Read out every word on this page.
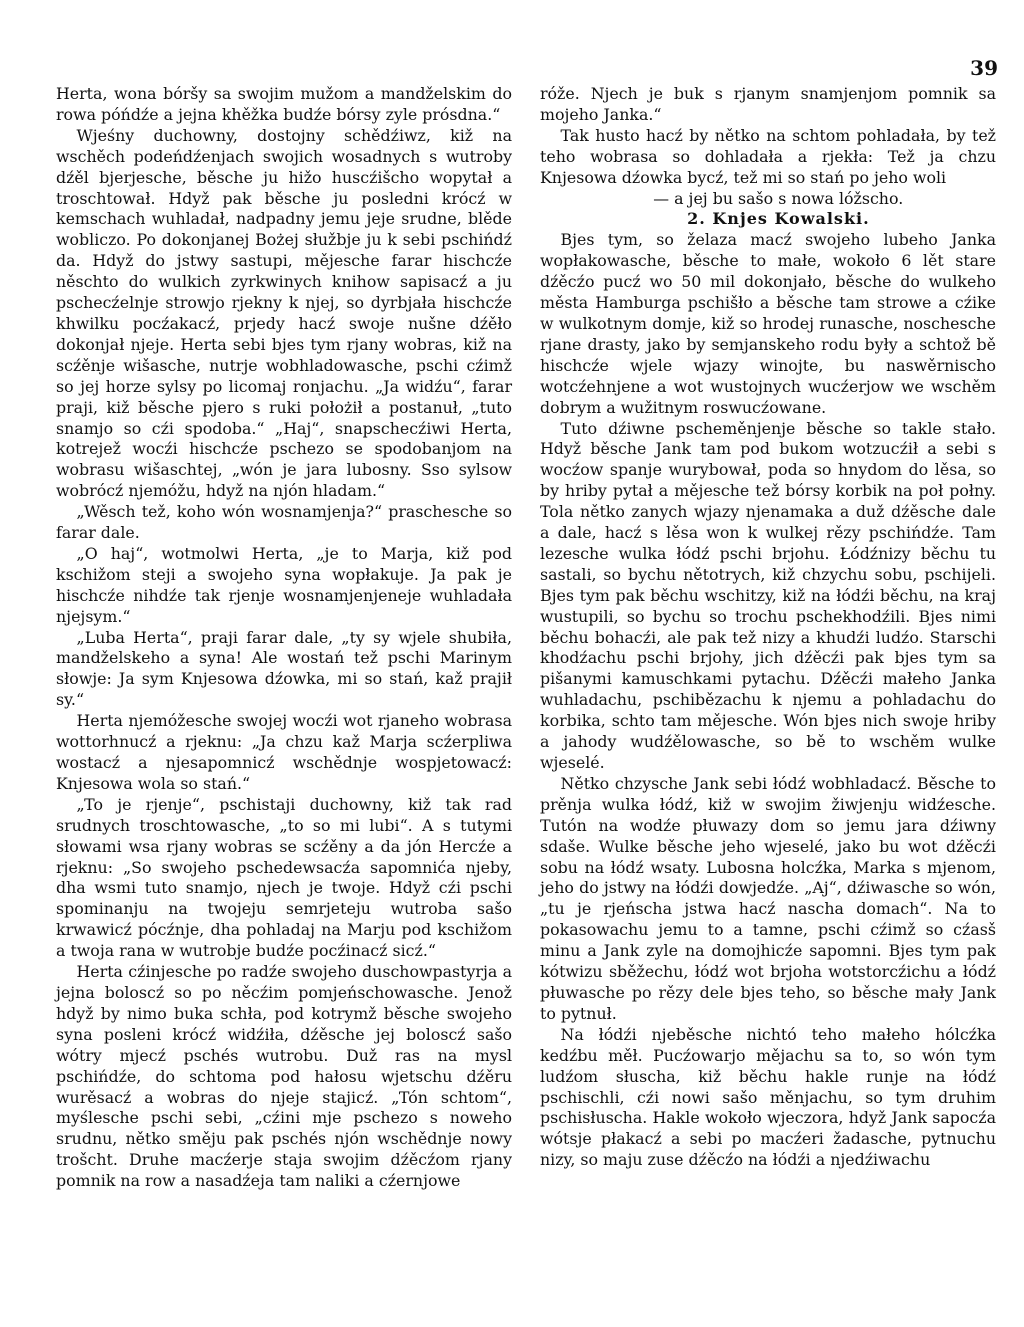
39

Herta, wona bóršy sa swojim mužom a mandželskim do rowa póńdźe a jejna khěžka budźe bórsy zyle prósdna.“

Wjeśny duchowny, dostojny schědźiwz, kiž na wschěch podeńdźenjach swojich wosadnych s wutroby dźěl bjerjesche, běsche ju hižo huscźišcho wopytał a troschtował. Hdyž pak běsche ju posledni krócź w kemschach wuhladał, nadpadny jemu jeje srudne, blěde wobliczo. Po dokonjanej Bożej słužbje ju k sebi pschińdź da. Hdyž do jstwy sastupi, mějesche farar hischcźe něschto do wulkich zyrkwinych knihow sapisacź a ju pschecźelnje strowjo rjekny k njej, so dyrbjała hischcźe khwilku pocźakacź, prjedy hacź swoje nušne dźěło dokonjał njeje. Herta sebi bjes tym rjany wobras, kiž na scźěnje wišasche, nutrje wobhladowasche, pschi cźimž so jej horze sylsy po licomaj ronjachu. „Ja widźu“, farar praji, kiž běsche pjero s ruki położił a postanuł, „tuto snamjo so cźi spodoba.“ „Haj“, snapschecźiwi Herta, kotrejež wocźi hischcźe pschezo se spodobanjom na wobrasu wišaschtej, „wón je jara lubosny. Sso sylsow wobrócź njemóžu, hdyž na njón hladam.“

„Wěsch tež, koho wón wosnamjenja?“ praschesche so farar dale.

„O haj“, wotmolwi Herta, „je to Marja, kiž pod kschižom steji a swojeho syna wopłakuje. Ja pak je hischcźe nihdźe tak rjenje wosnamjenjeneje wuhladała njejsym.“

„Luba Herta“, praji farar dale, „ty sy wjele shubiła, mandželskeho a syna! Ale wostań tež pschi Marinym słowje: Ja sym Knjesowa dźowka, mi so stań, kaž prajił sy.“

Herta njemóžesche swojej wocźi wot rjaneho wobrasa wottorhnucź a rjeknu: „Ja chzu kaž Marja scźerpliwa wostacź a njesapomnicź wschědnje wospjetowacź: Knjesowa wola so stań.“

„To je rjenje“, pschistaji duchowny, kiž tak rad srudnych troschtowasche, „to so mi lubi“. A s tutymi słowami wsa rjany wobras se scźěny a da jón Hercźe a rjeknu: „So swojeho pschedewsacźa sapomnića njeby, dha wsmi tuto snamjo, njech je twoje. Hdyž cźi pschi spominanju na twojeju semrjeteju wutroba sašo krwawicź pócźnje, dha pohladaj na Marju pod kschižom a twoja rana w wutrobje budźe pocźinacź sicź.“

Herta cźinjesche po radźe swojeho duschowpastyrja a jejna boloscź so po něcźim pomjeńschowasche. Jenož hdyž by nimo buka schła, pod kotrymž běsche swojeho syna posleni krócź widźiła, dźěsche jej boloscź sašo wótry mjecź pschés wutrobu. Duž ras na mysl pschińdźe, do schtoma pod hałosu wjetschu dźěru wurěsacź a wobras do njeje stajicź. „Tón schtom“, myślesche pschi sebi, „cźini mje pschezo s noweho srudnu, nětko směju pak pschés njón wschědnje nowy trošcht. Druhe macźerje staja swojim dźěcźom rjany pomnik na row a nasadźeja tam naliki a cźernjowe

róže. Njech je buk s rjanym snamjenjom pomnik sa mojeho Janka.“

Tak husto hacź by nětko na schtom pohladała, by tež teho wobrasa so dohladała a rjekła: Tež ja chzu Knjesowa dźowka bycź, tež mi so stań po jeho woli

— a jej bu sašo s nowa lóžscho.

2. Knjes Kowalski.

Bjes tym, so želaza macź swojeho lubeho Janka wopłakowasche, běsche to małe, wokoło 6 lět stare dźěcźo pucź wo 50 mil dokonjało, běsche do wulkeho města Hamburga pschišło a běsche tam strowe a cźike w wulkotnym domje, kiž so hrodej runasche, noschesche rjane drasty, jako by semjanskeho rodu były a schtož bě hischcźe wjele wjazy winojte, bu naswěrnischo wotcźehnjene a wot wustojnych wucźerjow we wschěm dobrym a wužitnym roswucźowane.

Tuto dźiwne pscheměnjenje běsche so takle stało. Hdyž běsche Jank tam pod bukom wotzucźił a sebi s wocźow spanje wurybował, poda so hnydom do lěsa, so by hriby pytał a mějesche tež bórsy korbik na poł połny. Tola nětko zanych wjazy njenamaka a duž dźěsche dale a dale, hacź s lěsa won k wulkej rězy pschińdźe. Tam lezesche wulka łódź pschi brjohu. Łódźnizy běchu tu sastali, so bychu nětotrych, kiž chzychu sobu, pschijeli. Bjes tym pak běchu wschitzy, kiž na łódźi běchu, na kraj wustupili, so bychu so trochu pschekhodźili. Bjes nimi běchu bohacźi, ale pak tež nizy a khudźi ludźo. Starschi khodźachu pschi brjohy, jich dźěcźi pak bjes tym sa pišanymi kamuschkami pytachu. Dźěcźi małeho Janka wuhladachu, pschibězachu k njemu a pohladachu do korbika, schto tam mějesche. Wón bjes nich swoje hriby a jahody wudźělowasche, so bě to wschěm wulke wjeselé.

Nětko chzysche Jank sebi łódź wobhladacź. Běsche to prěnja wulka łódź, kiž w swojim žiwjenju widźesche. Tutón na wodźe płuwazy dom so jemu jara dźiwny sdaše. Wulke běsche jeho wjeselé, jako bu wot dźěcźi sobu na łódź wsaty. Lubosna holcźka, Marka s mjenom, jeho do jstwy na łódźi dowjedźe. „Aj“, dźiwasche so wón, „tu je rjeńscha jstwa hacź nascha domach“. Na to pokasowachu jemu to a tamne, pschi cźimž so cźasš minu a Jank zyle na domojhicźe sapomni. Bjes tym pak kótwizu sběžechu, łódź wot brjoha wotstorcźichu a łódź płuwasche po rězy dele bjes teho, so běsche mały Jank to pytnuł.

Na łódźi njeběsche nichtó teho małeho hólcźka kedźbu měł. Pucźowarjo mějachu sa to, so wón tym ludźom słuscha, kiž běchu hakle runje na łódź pschischli, cźi nowi sašo měnjachu, so tym druhim pschisłuscha. Hakle wokoło wjeczora, hdyž Jank sapocźa wótsje płakacź a sebi po macźeri žadasche, pytnuchu nizy, so maju zuse dźěcźo na łódźi a njedźiwachu
